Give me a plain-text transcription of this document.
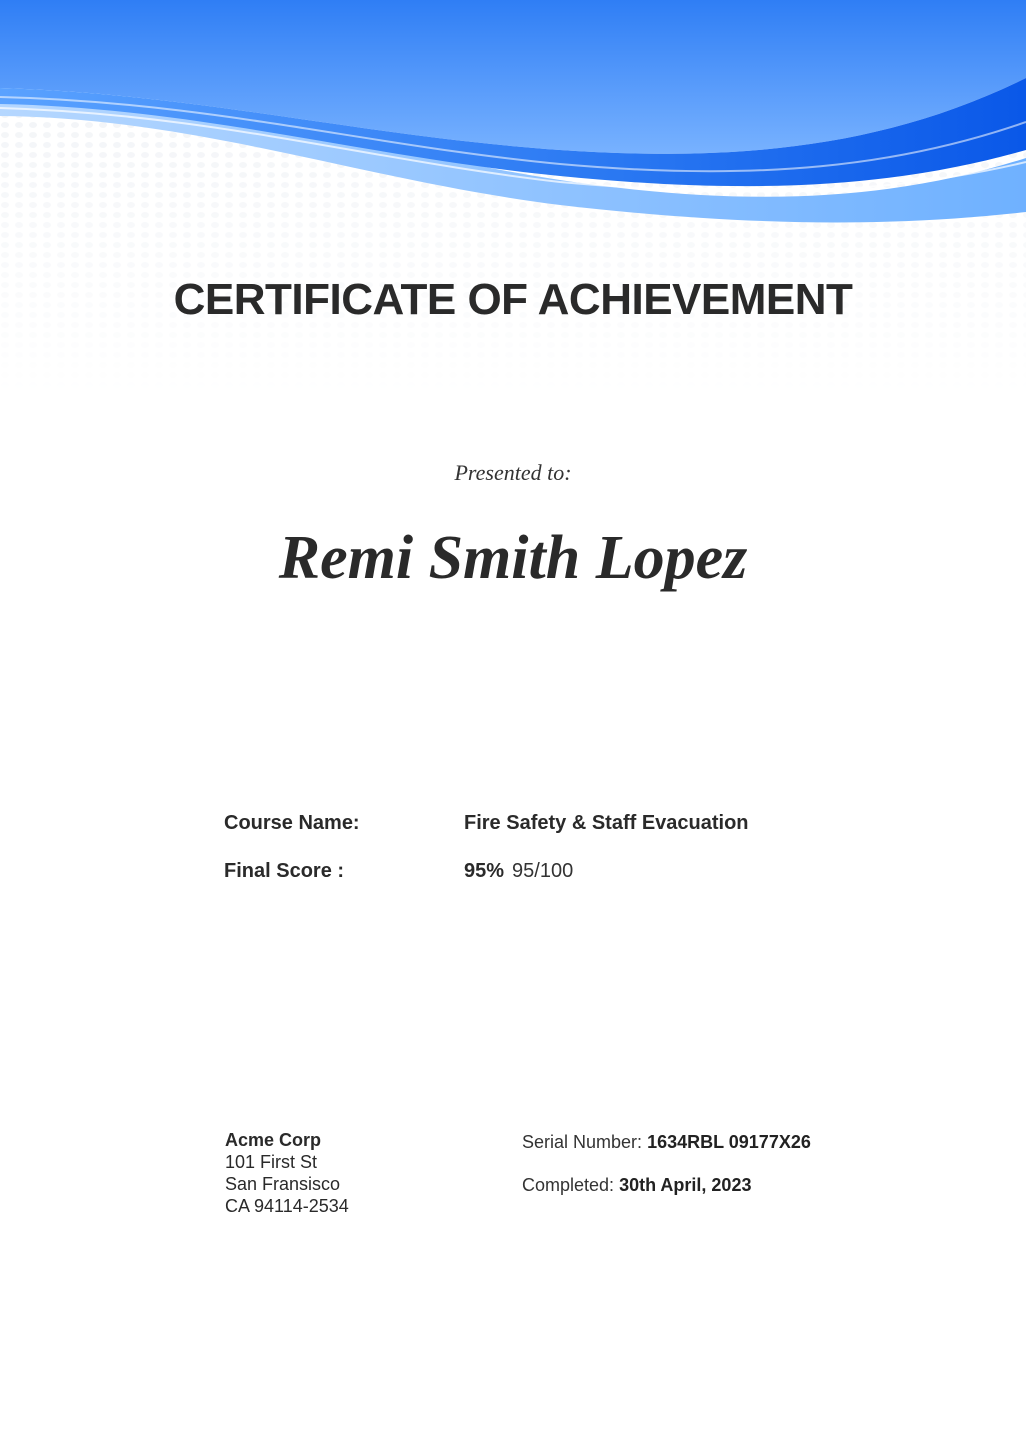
CERTIFICATE OF ACHIEVEMENT
Presented to:
Remi Smith Lopez
Course Name:	Fire Safety & Staff Evacuation
Final Score :	95% 95/100
Acme Corp
101 First St
San Fransisco
CA 94114-2534
Serial Number: 1634RBL 09177X26
Completed: 30th April, 2023
